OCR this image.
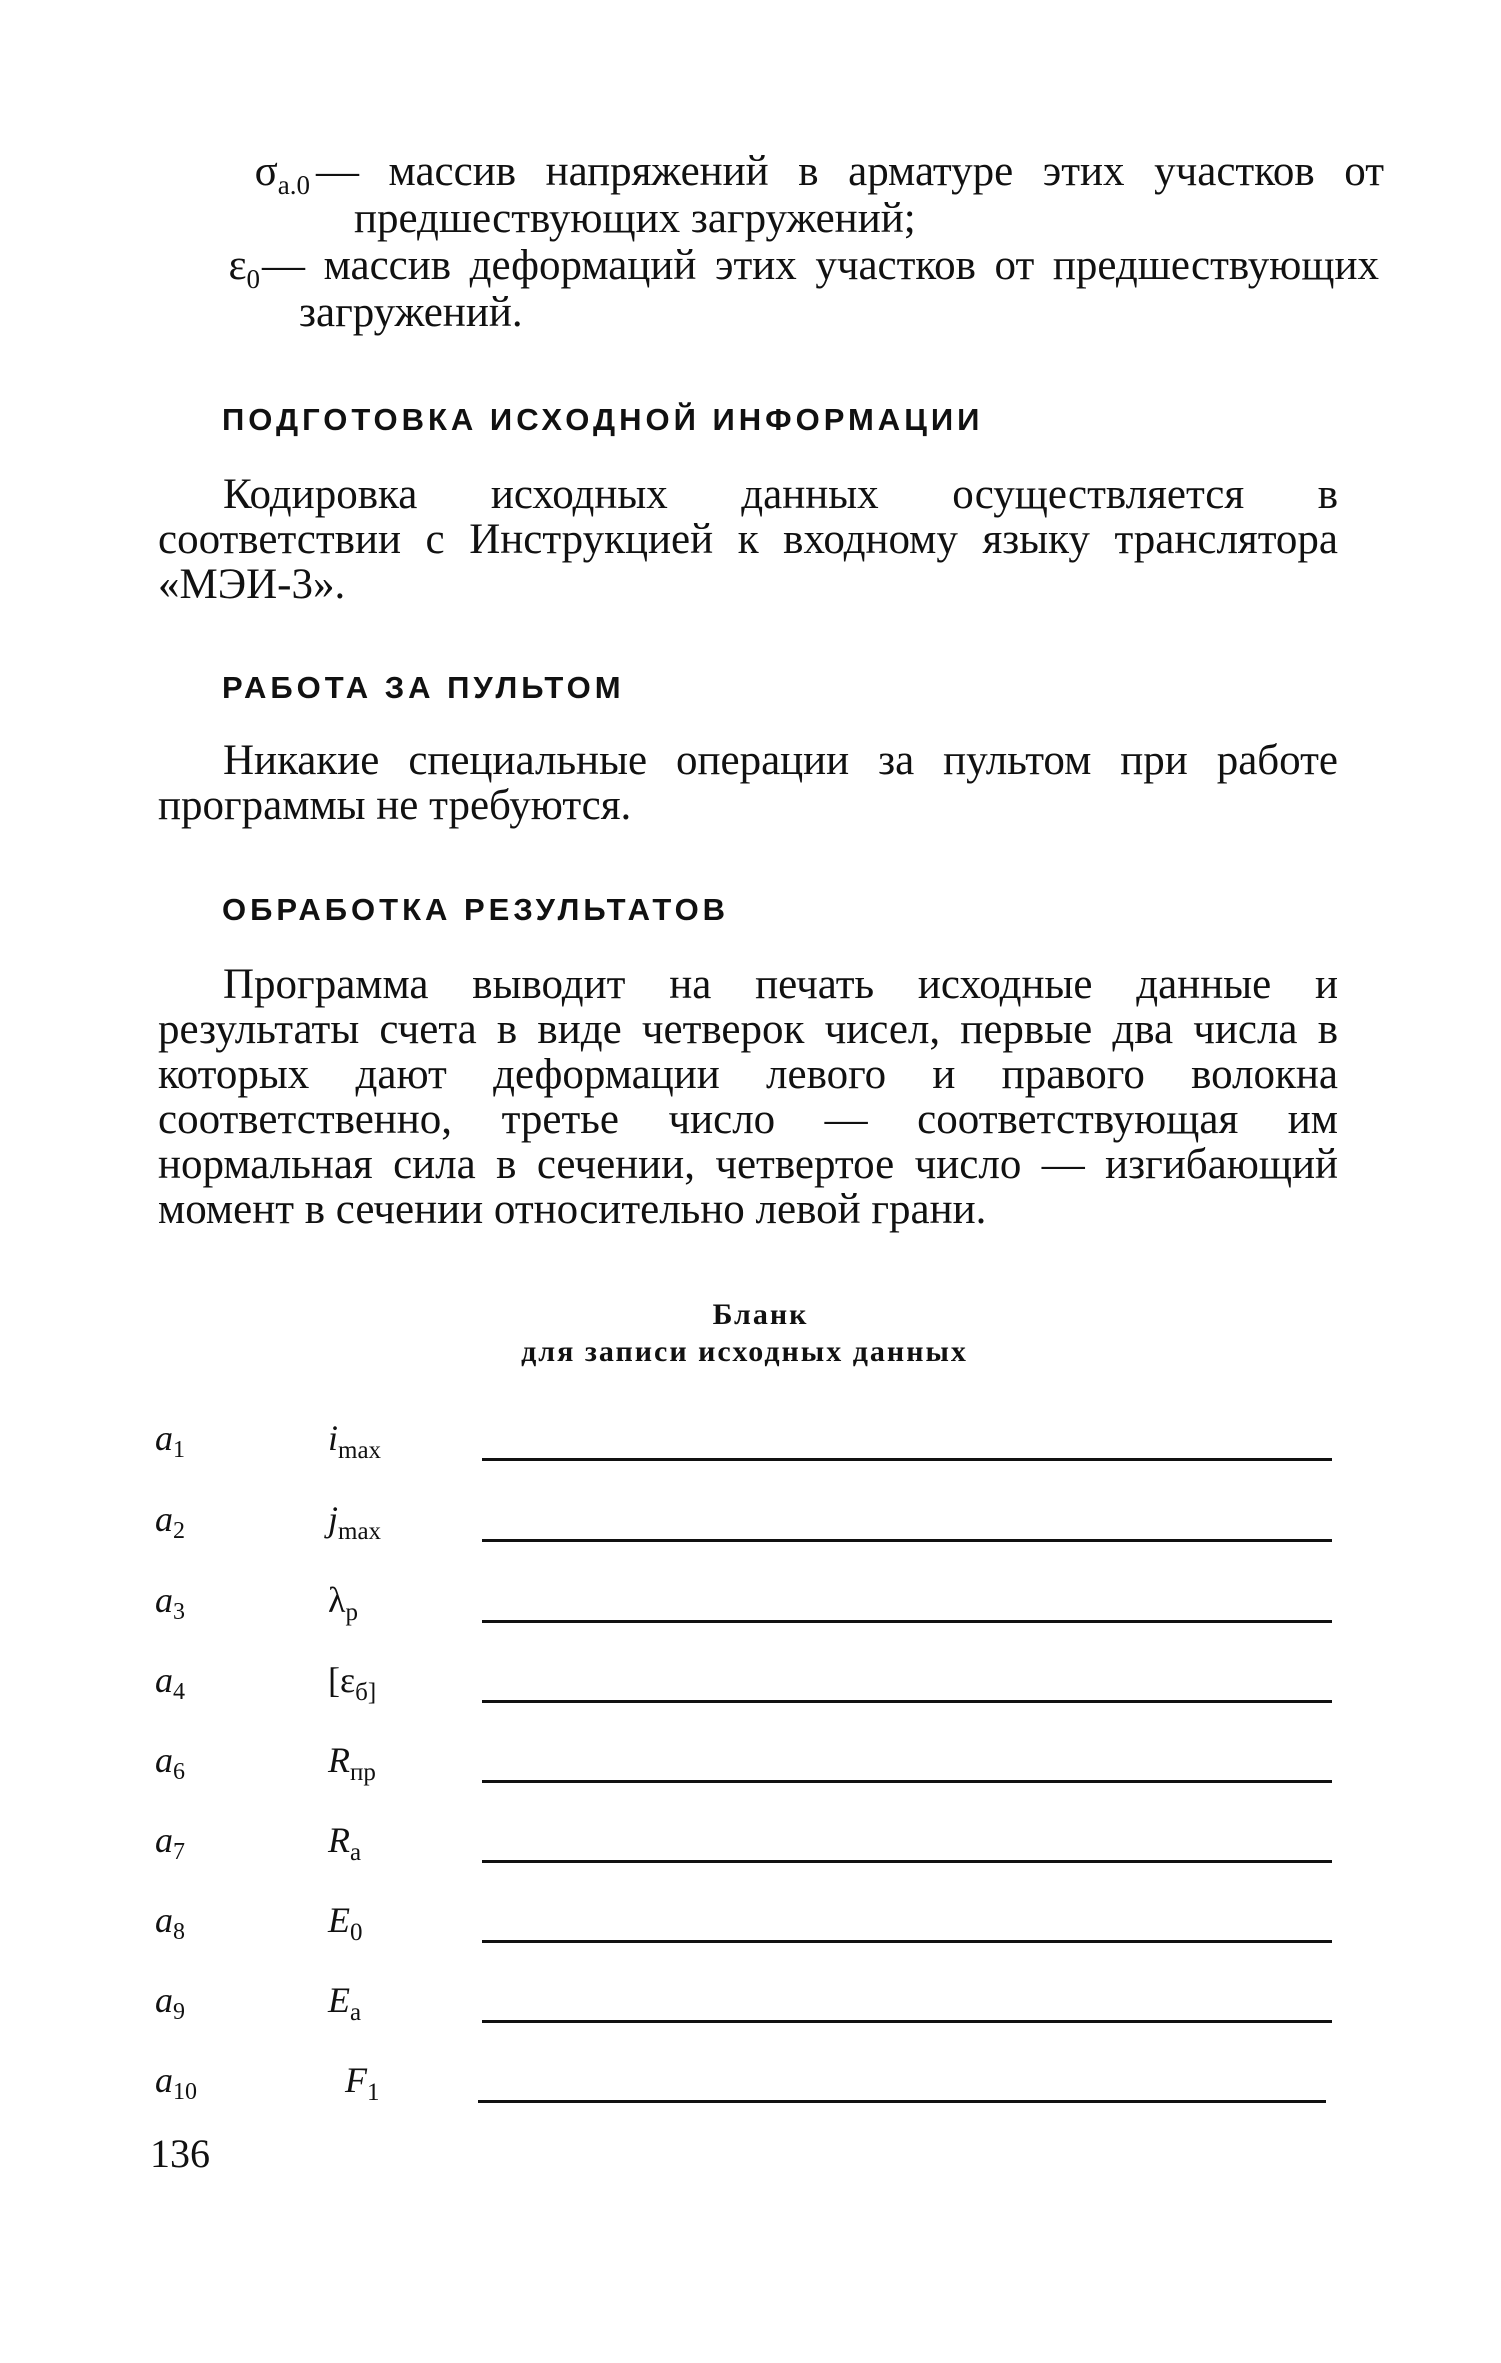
$\sigma_{a.0}$ — массив напряжений в арматуре этих участков от предшествующих загружений;
$\varepsilon_0$ — массив деформаций этих участков от предшествующих загружений.
ПОДГОТОВКА ИСХОДНОЙ ИНФОРМАЦИИ
Кодировка исходных данных осуществляется в соответствии с Инструкцией к входному языку транслятора «МЭИ-3».
РАБОТА ЗА ПУЛЬТОМ
Никакие специальные операции за пультом при работе программы не требуются.
ОБРАБОТКА РЕЗУЛЬТАТОВ
Программа выводит на печать исходные данные и результаты счета в виде четверок чисел, первые два числа в которых дают деформации левого и правого волокна соответственно, третье число — соответствующая им нормальная сила в сечении, четвертое число — изгибающий момент в сечении относительно левой грани.
Бланк
для записи исходных данных
a1	$i_{max}$
a2	$j_{max}$
a3	$\lambda_p$
a4	[$\varepsilon_{б]}$
a6	$R_{пр}$
a7	$R_a$
a8	$E_0$
a9	$E_a$
a10	$F_1$
136
